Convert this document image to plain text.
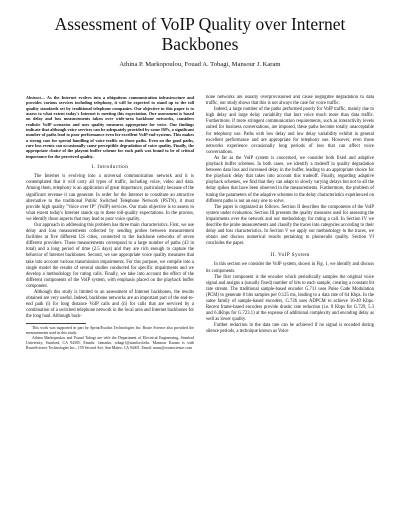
Assessment of VoIP Quality over Internet Backbones
Athina P. Markopoulou, Fouad A. Tobagi, Mansour J. Karam
Abstract— As the Internet evolves into a ubiquitous communication infrastructure and provides various services including telephony, it will be expected to stand up to the toll quality standards set by traditional telephone companies. Our objective in this paper is to assess to what extent today's Internet is meeting this expectation. Our assessment is based on delay and loss measurements taken over wide-area backbone networks, considers realistic VoIP scenarios and uses quality measures appropriate for voice. Our findings indicate that although voice services can be adequately provided by some ISPs, a significant number of paths lead to poor performance even for excellent VoIP end-systems. This makes a strong case for special handling of voice traffic on those paths. Even on the good paths, rare loss events can occasionally cause perceptible degradation of voice quality. Finally, the appropriate choice of the playout buffer scheme for each path was found to be of critical importance for the perceived quality.
I. Introduction

The Internet is evolving into a universal communication network and it is contemplated that it will carry all types of traffic, including voice, video and data. Among them, telephony is an application of great importance, particularly because of the significant revenue it can generate. In order for the Internet to constitute an attractive alternative to the traditional Public Switched Telephone Network (PSTN), it must provide high quality "Voice over IP" (VoIP) services. Our main objective is to assess to what extent today's Internet stands up to these toll-quality expectations. In the process, we identify those aspects that may lead to poor voice quality.

Our approach in addressing this problem has three main characteristics. First, we use delay and loss measurements collected by sending probes between measurement facilities at five different US cities, connected to the backbone networks of seven different providers. These measurements correspond to a large number of paths (43 in total) and a long period of time (2.5 days) and they are rich enough to capture the behavior of Internet backbones. Second, we use appropriate voice quality measures that take into account various transmission impairments. For this purpose, we compile into a single model the results of several studies conducted for specific impairments and we develop a methodology for rating calls. Finally, we take into account the effect of the different components of the VoIP system, with emphasis placed on the playback buffer component.

Although this study is limited to an assessment of Internet backbones, the results obtained are very useful. Indeed, backbone networks are an important part of the end-to-end path (i) for long distance VoIP calls and (ii) for calls that are serviced by a combination of a switched telephone network in the local area and Internet backbones for the long haul. Although back-

This work was supported in part by Sprint/Exodus Technologies Inc. Route Science also provided the measurements used in this study.
Athina Markopoulou and Fouad Tobagi are with the Department of Electrical Engineering, Stanford University, Stanford, CA 94305. Emails: {amarko, tobagi}@stanford.edu. Mansour Karam is with RouteScience Technologies Inc., 159 Second Ave, San Mateo, CA 94401. Email: mans@routescience.com

bone networks are usually overprovisioned and cause negligible degradation to data traffic, our study shows that this is not always the case for voice traffic.

Indeed, a large number of the paths performed poorly for VoIP traffic, mainly due to high delay and large delay variability that hurt voice much more than data traffic. Furthermore, if more stringent communication requirements, such as interactivity levels suited for business conversations, are imposed, these paths become totally unacceptable for telephony use. Paths with low delay and low delay variability exhibit in general excellent performance and are appropriate for telephony use. However, even those networks experience occasionally long periods of loss that can affect voice conversations.

As far as the VoIP system is concerned, we consider both fixed and adaptive playback buffer schemes. In both cases, we identify a tradeoff in quality degradation between data loss and increased delay in the buffer, leading to an appropriate choice for the playback delay that takes into account this tradeoff. Finally, regarding adaptive playback schemes, we find that they can adapt to slowly varying delays but not to all the delay spikes that have been observed in the measurements. Furthermore, the problem of tuning the parameters of the adaptive schemes to the delay characteristics experienced on different paths is not an easy one to solve.

The paper is organized as follows. Section II describes the components of the VoIP system under evaluation. Section III presents the quality measures used for assessing the impairments over the network and our methodology for rating a call. In Section IV we describe the probe measurements and classify the traces into categories according to their delay and loss characteristics. In Section V we apply our methodology to the traces, we obtain and discuss numerical results pertaining to phonecalls quality. Section VI concludes the paper.

II. VoIP System

In this section we consider the VoIP system, shown in Fig. 1, we identify and discuss its components.

The first component is the encoder which periodically samples the original voice signal and assigns a (usually fixed) number of bits to each sample, creating a constant bit rate stream. The traditional sample-based encoder G.711 uses Pulse Code Modulation (PCM) to generate 8 bits samples per 0.125 ms, leading to a data rate of 64 Kbps. In the same family of sample-based encoders, G.726 uses ADPCM to achieve 16-40 Kbps. Recent frame-based encoders provide drastic rate reduction (i.e. 8 Kbps for G.729, 5.3 and 6.4Kbps for G.723.1) at the expense of additional complexity and encoding delay as well as lower quality.

Further reduction in the data rate can be achieved if no signal is encoded during silence periods, a technique known as Voice
